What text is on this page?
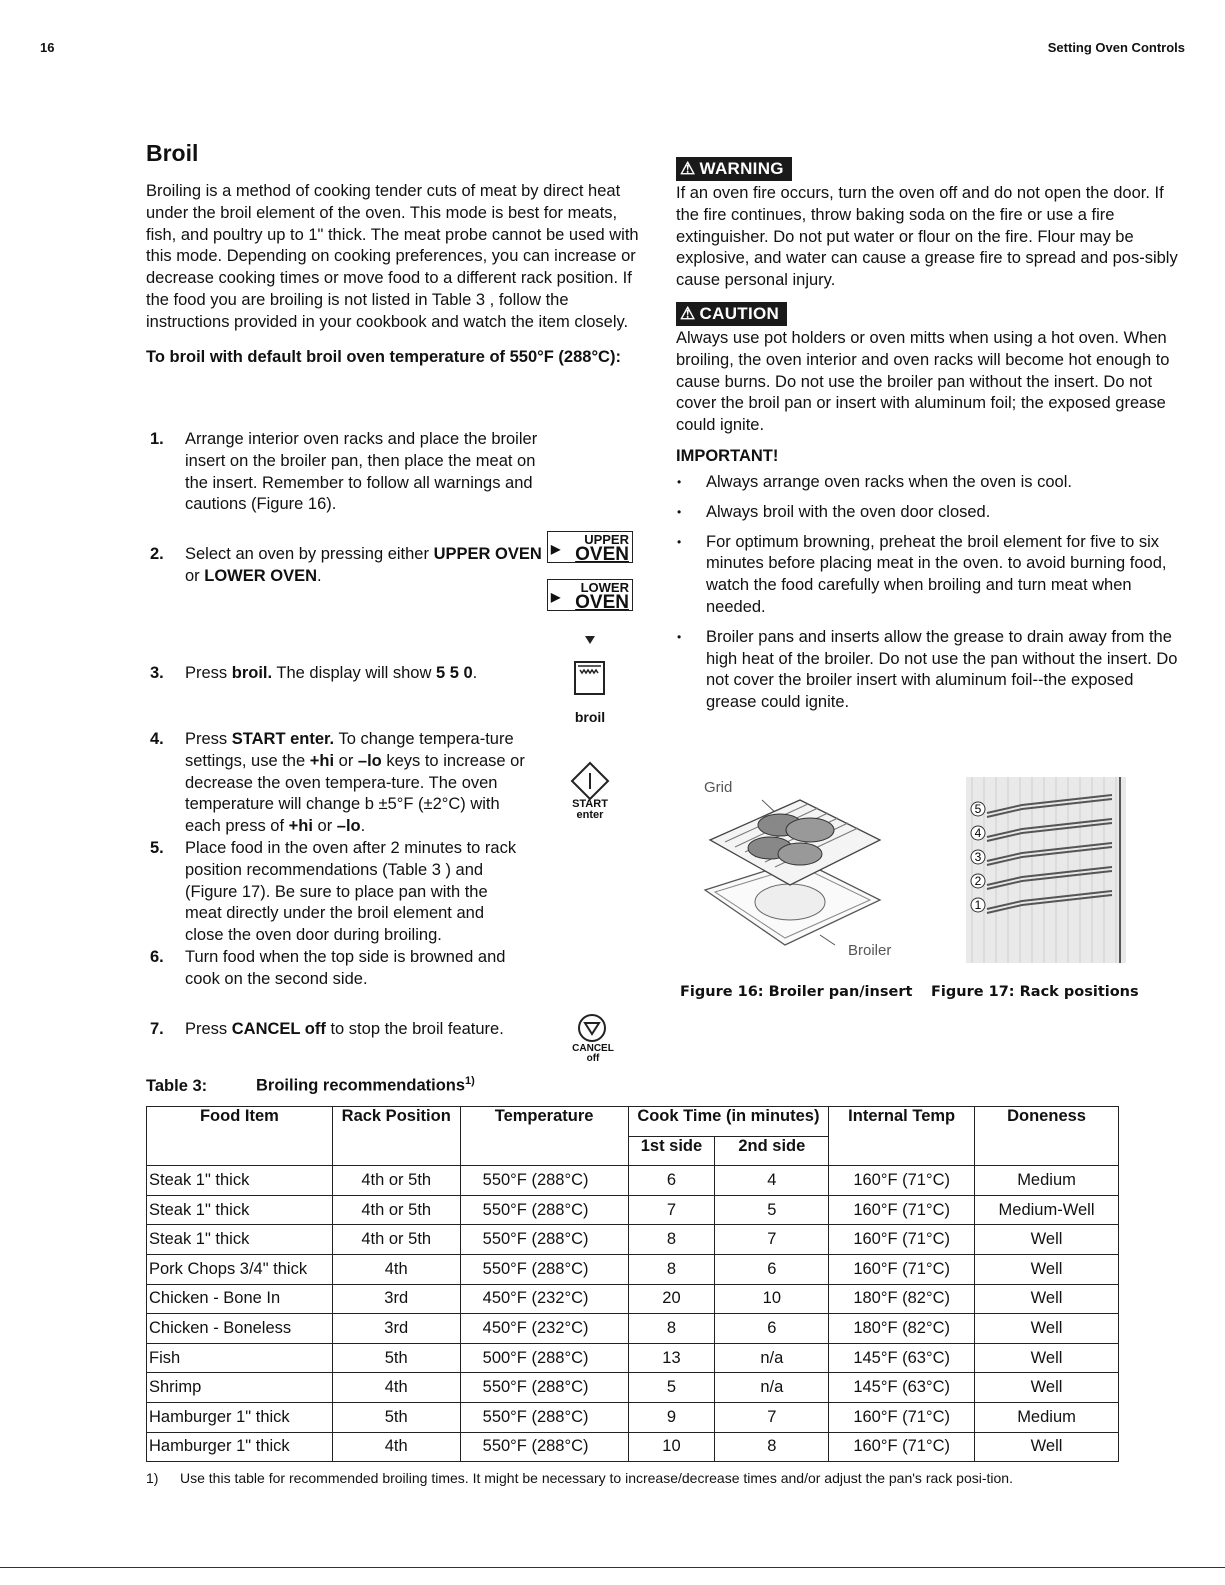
16	Setting Oven Controls
Broil

Broiling is a method of cooking tender cuts of meat by direct heat under the broil element of the oven. This mode is best for meats, fish, and poultry up to 1" thick. The meat probe cannot be used with this mode. Depending on cooking preferences, you can increase or decrease cooking times or move food to a different rack position. If the food you are broiling is not listed in Table 3 , follow the instructions provided in your cookbook and watch the item closely.

To broil with default broil oven temperature of 550°F (288°C):

1. Arrange interior oven racks and place the broiler insert on the broiler pan, then place the meat on the insert. Remember to follow all warnings and cautions (Figure 16).
2. Select an oven by pressing either UPPER OVEN or LOWER OVEN.
3. Press broil. The display will show 5 5 0.
4. Press START enter. To change tempera-ture settings, use the +hi or –lo keys to increase or decrease the oven tempera-ture. The oven temperature will change b ±5°F (±2°C) with each press of +hi or –lo.
5. Place food in the oven after 2 minutes to rack position recommendations (Table 3 ) and (Figure 17). Be sure to place pan with the meat directly under the broil element and close the oven door during broiling.
6. Turn food when the top side is browned and cook on the second side.
7. Press CANCEL off to stop the broil feature.
▶
UPPER
OVEN
▶
LOWER
OVEN
broil
START
enter
CANCEL
off
⚠ WARNING

If an oven fire occurs, turn the oven off and do not open the door. If the fire continues, throw baking soda on the fire or use a fire extinguisher. Do not put water or flour on the fire. Flour may be explosive, and water can cause a grease fire to spread and pos-sibly cause personal injury.

⚠ CAUTION

Always use pot holders or oven mitts when using a hot oven. When broiling, the oven interior and oven racks will become hot enough to cause burns. Do not use the broiler pan without the insert. Do not cover the broil pan or insert with aluminum foil; the exposed grease could ignite.

IMPORTANT!
• Always arrange oven racks when the oven is cool.
• Always broil with the oven door closed.
• For optimum browning, preheat the broil element for five to six minutes before placing meat in the oven. to avoid burning food, watch the food carefully when broiling and turn meat when needed.
• Broiler pans and inserts allow the grease to drain away from the high heat of the broiler. Do not use the pan without the insert. Do not cover the broiler insert with aluminum foil--the exposed grease could ignite.
Grid
Broiler
Figure 16: Broiler pan/insert
5
4
3
2
1
Figure 17: Rack positions
Table 3:	Broiling recommendations$^{1)}$
Food Item	Rack Position	Temperature	Cook Time (in minutes)		Internal Temp	Doneness
			1st side	2nd side		
Steak 1" thick	4th or 5th	550°F (288°C)	6	4	160°F (71°C)	Medium
Steak 1" thick	4th or 5th	550°F (288°C)	7	5	160°F (71°C)	Medium-Well
Steak 1" thick	4th or 5th	550°F (288°C)	8	7	160°F (71°C)	Well
Pork Chops 3/4" thick	4th	550°F (288°C)	8	6	160°F (71°C)	Well
Chicken - Bone In	3rd	450°F (232°C)	20	10	180°F (82°C)	Well
Chicken - Boneless	3rd	450°F (232°C)	8	6	180°F (82°C)	Well
Fish	5th	500°F (288°C)	13	n/a	145°F (63°C)	Well
Shrimp	4th	550°F (288°C)	5	n/a	145°F (63°C)	Well
Hamburger 1" thick	5th	550°F (288°C)	9	7	160°F (71°C)	Medium
Hamburger 1" thick	4th	550°F (288°C)	10	8	160°F (71°C)	Well
1) Use this table for recommended broiling times. It might be necessary to increase/decrease times and/or adjust the pan's rack posi-tion.
